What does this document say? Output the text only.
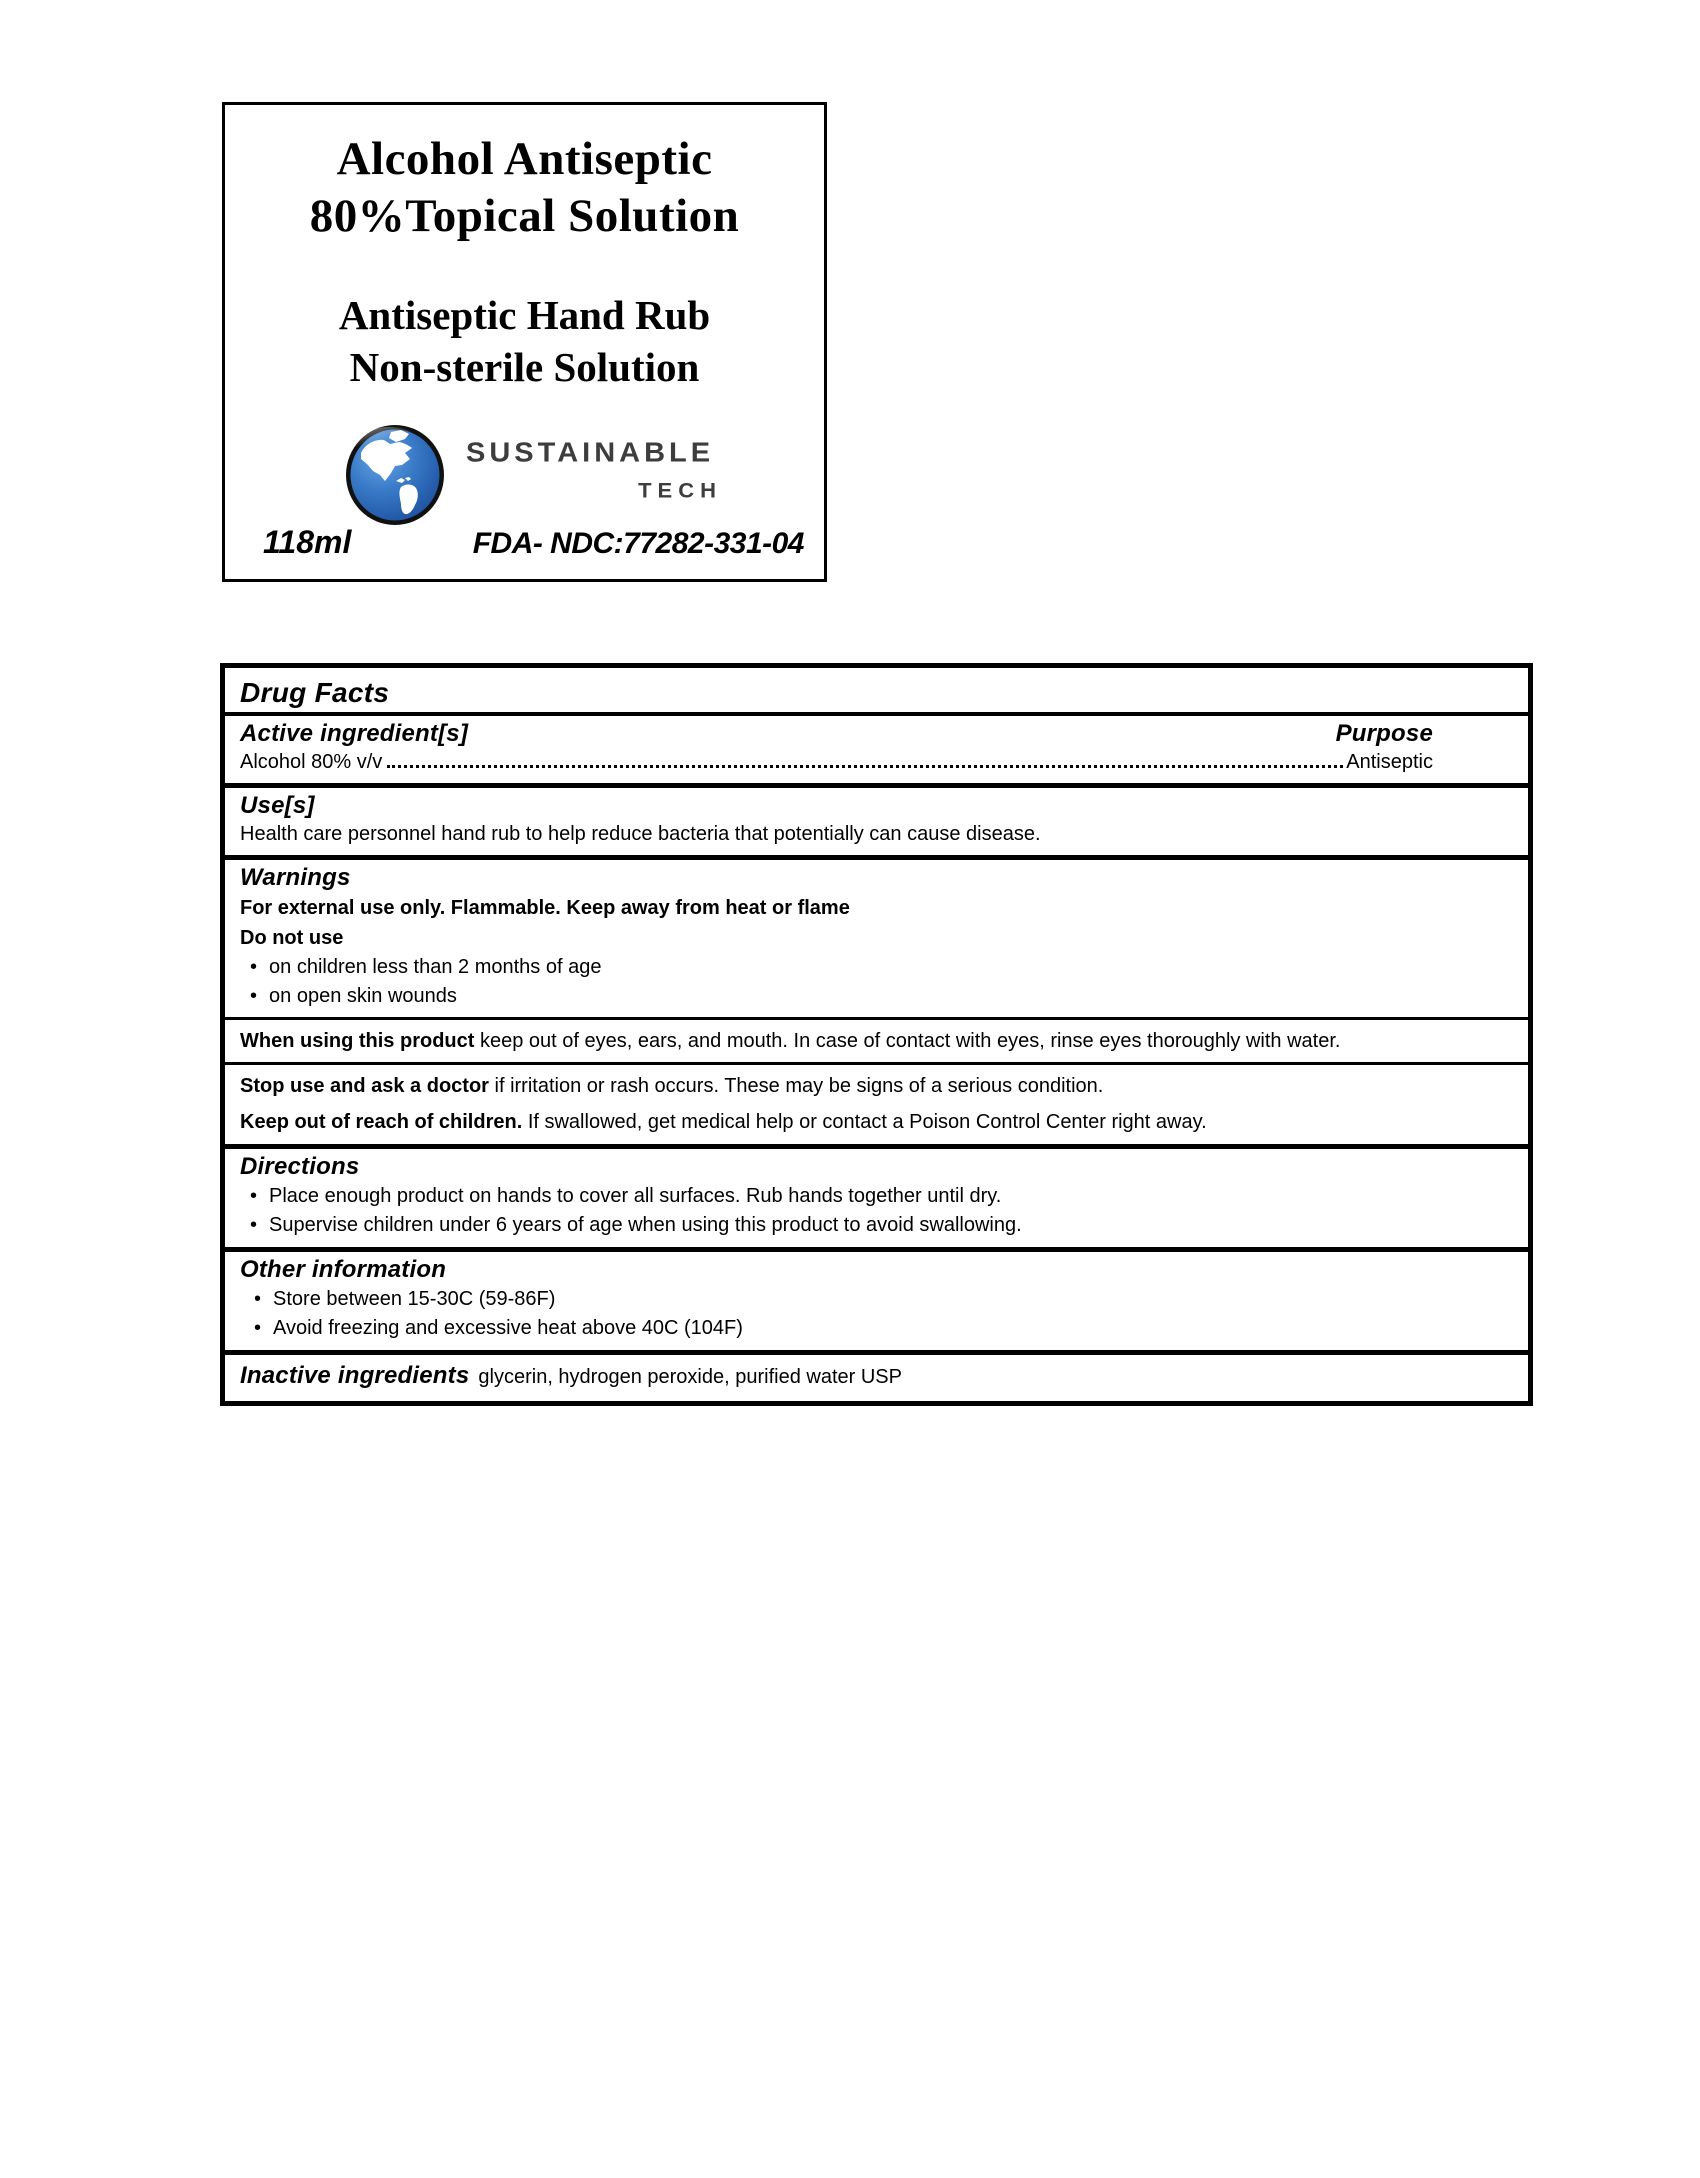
Alcohol Antiseptic
80%Topical Solution
Antiseptic Hand Rub
Non-sterile Solution
SUSTAINABLE
TECH
118ml	FDA- NDC:77282-331-04
Drug Facts
Active ingredient[s]	Purpose
Alcohol 80% v/v	Antiseptic
Use[s]
Health care personnel hand rub to help reduce bacteria that potentially can cause disease.
Warnings
For external use only. Flammable. Keep away from heat or flame
Do not use
• on children less than 2 months of age
• on open skin wounds
When using this product keep out of eyes, ears, and mouth. In case of contact with eyes, rinse eyes thoroughly with water.
Stop use and ask a doctor if irritation or rash occurs. These may be signs of a serious condition.
Keep out of reach of children. If swallowed, get medical help or contact a Poison Control Center right away.
Directions
• Place enough product on hands to cover all surfaces. Rub hands together until dry.
• Supervise children under 6 years of age when using this product to avoid swallowing.
Other information
• Store between 15-30C (59-86F)
• Avoid freezing and excessive heat above 40C (104F)
Inactive ingredients glycerin, hydrogen peroxide, purified water USP
